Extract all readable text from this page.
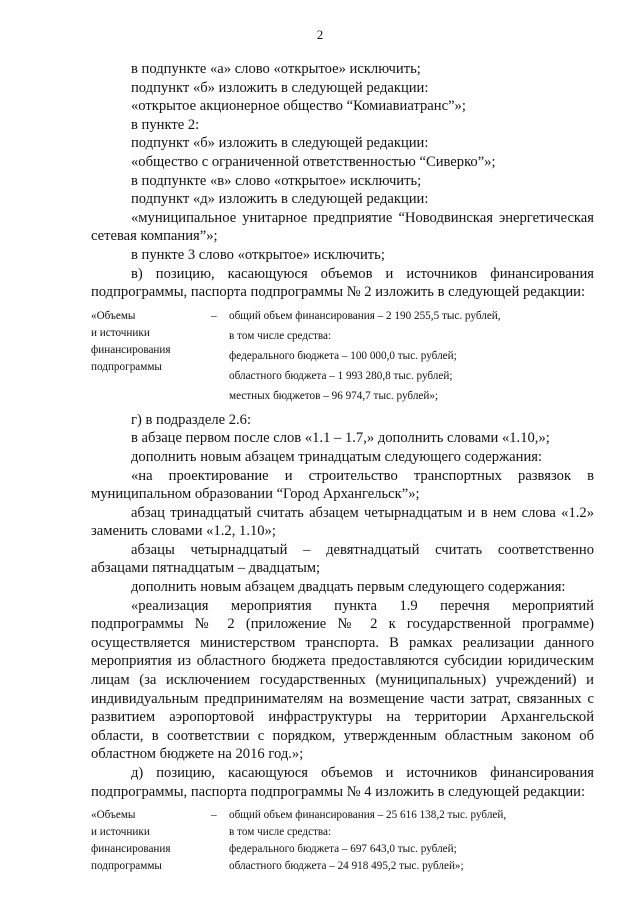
2

в подпункте «а» слово «открытое» исключить;

подпункт «б» изложить в следующей редакции:

«открытое акционерное общество “Комиавиатранс”»;

в пункте 2:

подпункт «б» изложить в следующей редакции:

«общество с ограниченной ответственностью “Сиверко”»;

в подпункте «в» слово «открытое» исключить;

подпункт «д» изложить в следующей редакции:

«муниципальное унитарное предприятие “Новодвинская энергетическая сетевая компания”»;

в пункте 3 слово «открытое» исключить;

в) позицию, касающуюся объемов и источников финансирования подпрограммы, паспорта подпрограммы № 2 изложить в следующей редакции:

«Объемы
и источники
финансирования
подпрограммы
– общий объем финансирования – 2 190 255,5 тыс. рублей,
в том числе средства:
федерального бюджета – 100 000,0 тыс. рублей;
областного бюджета – 1 993 280,8 тыс. рублей;
местных бюджетов – 96 974,7 тыс. рублей»;

г) в подразделе 2.6:

в абзаце первом после слов «1.1 – 1.7,» дополнить словами «1.10,»;

дополнить новым абзацем тринадцатым следующего содержания:

«на проектирование и строительство транспортных развязок в муниципальном образовании “Город Архангельск”»;

абзац тринадцатый считать абзацем четырнадцатым и в нем слова «1.2» заменить словами «1.2, 1.10»;

абзацы четырнадцатый – девятнадцатый считать соответственно абзацами пятнадцатым – двадцатым;

дополнить новым абзацем двадцать первым следующего содержания:

«реализация мероприятия пункта 1.9 перечня мероприятий подпрограммы № 2 (приложение № 2 к государственной программе) осуществляется министерством транспорта. В рамках реализации данного мероприятия из областного бюджета предоставляются субсидии юридическим лицам (за исключением государственных (муниципальных) учреждений) и индивидуальным предпринимателям на возмещение части затрат, связанных с развитием аэропортовой инфраструктуры на территории Архангельской области, в соответствии с порядком, утвержденным областным законом об областном бюджете на 2016 год.»;

д) позицию, касающуюся объемов и источников финансирования подпрограммы, паспорта подпрограммы № 4 изложить в следующей редакции:

«Объемы
и источники
финансирования
подпрограммы
– общий объем финансирования – 25 616 138,2 тыс. рублей,
в том числе средства:
федерального бюджета – 697 643,0 тыс. рублей;
областного бюджета – 24 918 495,2 тыс. рублей»;
